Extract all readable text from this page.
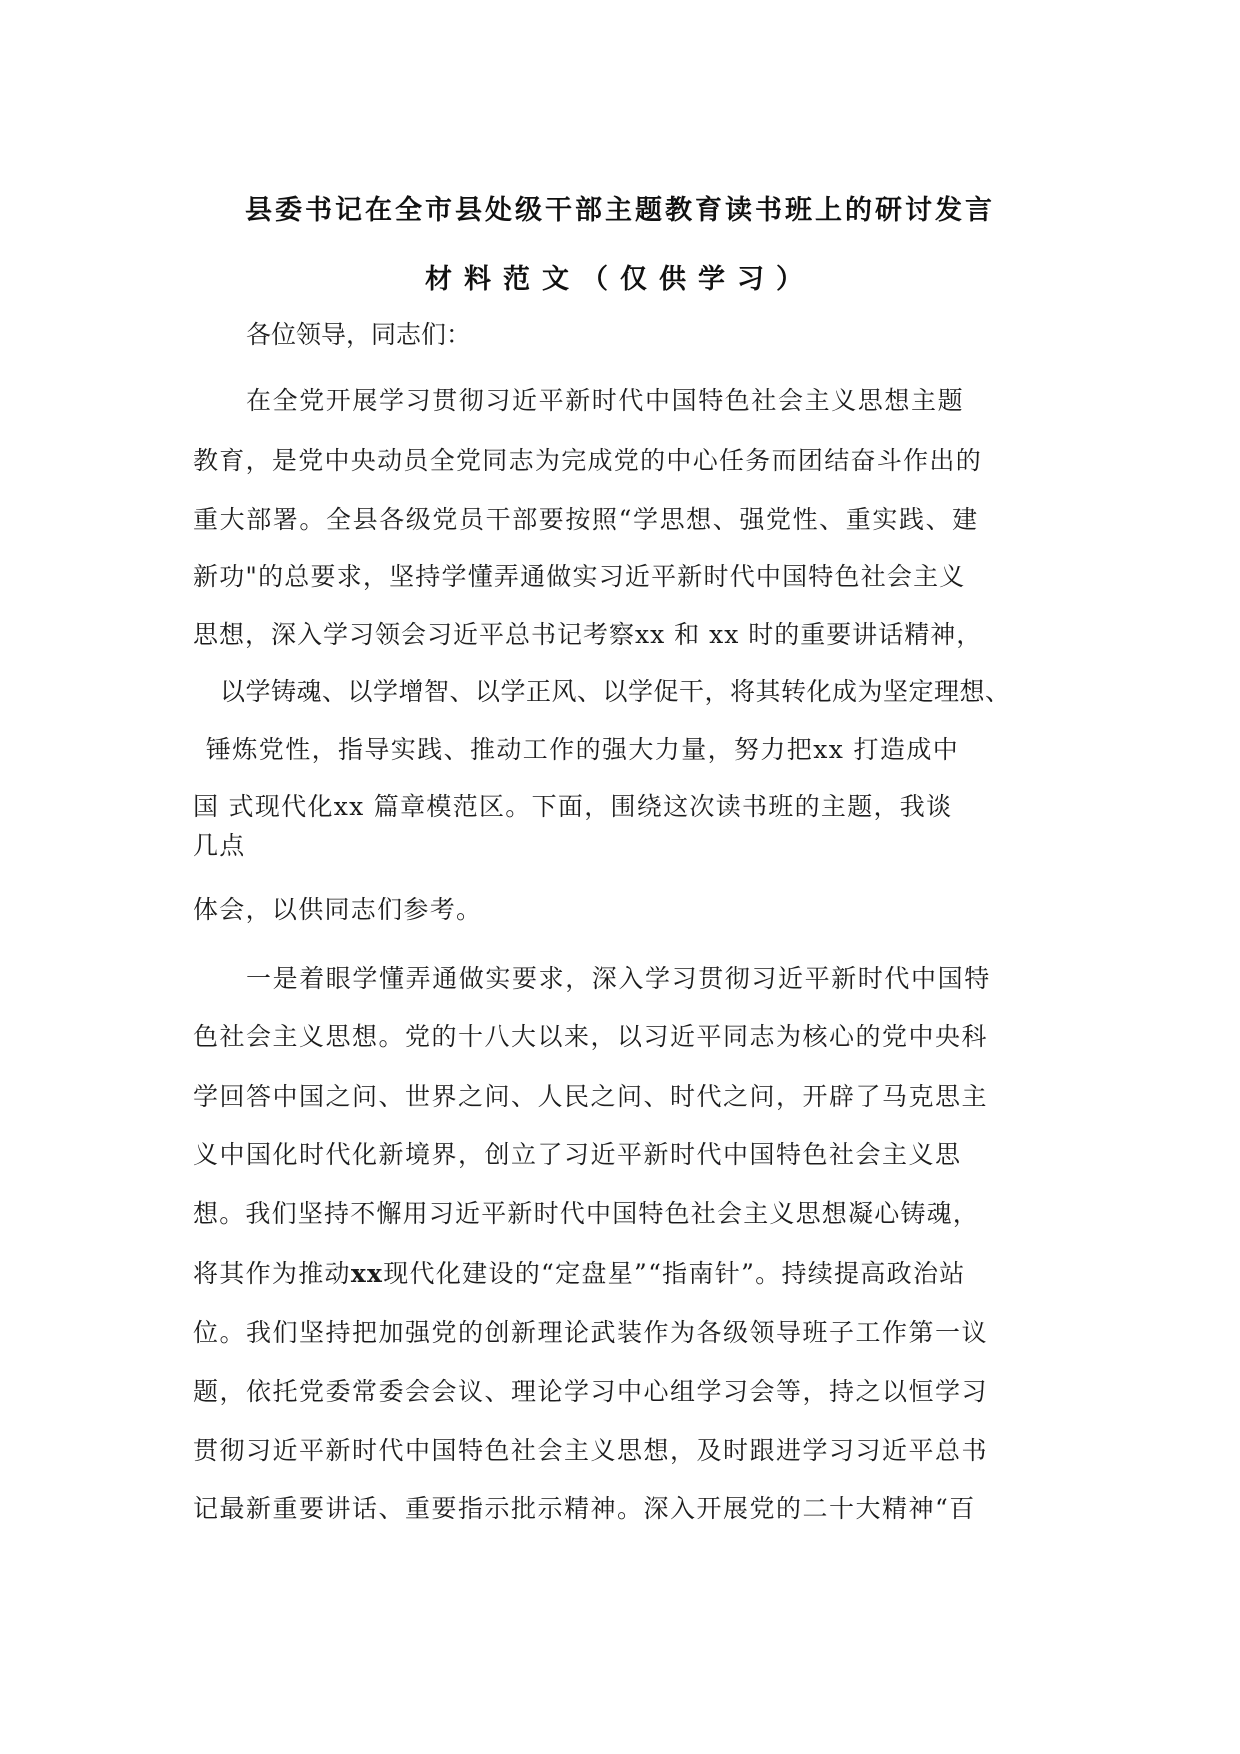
县委书记在全市县处级干部主题教育读书班上的研讨发言
材料范文（仅供学习）
各位领导，同志们：
在全党开展学习贯彻习近平新时代中国特色社会主义思想主题
教育，是党中央动员全党同志为完成党的中心任务而团结奋斗作出的
重大部署。全县各级党员干部要按照“学思想、强党性、重实践、建
新功"的总要求，坚持学懂弄通做实习近平新时代中国特色社会主义
思想，深入学习领会习近平总书记考察xx 和 xx 时的重要讲话精神，
以学铸魂、以学增智、以学正风、以学促干，将其转化成为坚定理想、
锤炼党性，指导实践、推动工作的强大力量，努力把xx 打造成中
国 式现代化xx 篇章模范区。下面，围绕这次读书班的主题，我谈
几点
体会，以供同志们参考。
一是着眼学懂弄通做实要求，深入学习贯彻习近平新时代中国特
色社会主义思想。党的十八大以来，以习近平同志为核心的党中央科
学回答中国之问、世界之问、人民之问、时代之问，开辟了马克思主
义中国化时代化新境界，创立了习近平新时代中国特色社会主义思
想。我们坚持不懈用习近平新时代中国特色社会主义思想凝心铸魂，
将其作为推动xx现代化建设的“定盘星”“指南针”。持续提高政治站
位。我们坚持把加强党的创新理论武装作为各级领导班子工作第一议
题，依托党委常委会会议、理论学习中心组学习会等，持之以恒学习
贯彻习近平新时代中国特色社会主义思想，及时跟进学习习近平总书
记最新重要讲话、重要指示批示精神。深入开展党的二十大精神“百
